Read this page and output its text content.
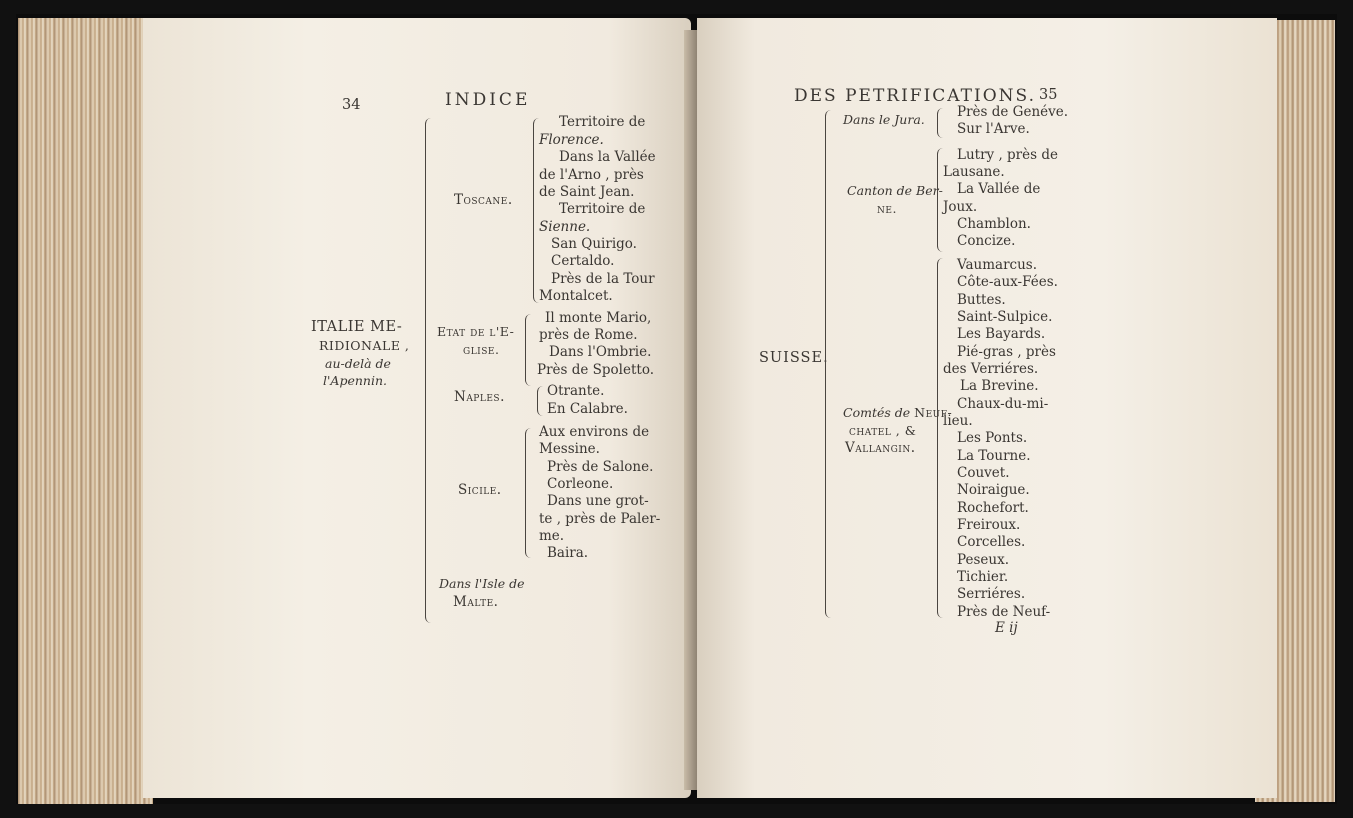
34	INDICE
ITALIE ME-
RIDIONALE ,
au-delà de
l'Apennin.
Toscane.
Territoire de
Florence.
Dans la Vallée
de l'Arno , près
de Saint Jean.
Territoire de
Sienne.
San Quirigo.
Certaldo.
Près de la Tour
Montalcet.
Etat de l'E-
glise.
Il monte Mario,
près de Rome.
Dans l'Ombrie.
Près de Spoletto.
Naples.	Otrante.
En Calabre.
Sicile.
Aux environs de
Messine.
Près de Salone.
Corleone.
Dans une grot-
te , près de Paler-
me.
Baira.
Dans l'Isle de
Malte.
DES PETRIFICATIONS. 35
SUISSE.
Dans le Jura. Près de Genéve.
Sur l'Arve.
Canton de Ber-
ne.
Lutry , près de
Lausane.
La Vallée de
Joux.
Chamblon.
Concize.
Comtés de Neuf-
chatel , &
Vallangin.
Vaumarcus.
Côte-aux-Fées.
Buttes.
Saint-Sulpice.
Les Bayards.
Pié-gras , près
des Verriéres.
La Brevine.
Chaux-du-mi-
lieu.
Les Ponts.
La Tourne.
Couvet.
Noiraigue.
Rochefort.
Freiroux.
Corcelles.
Peseux.
Tichier.
Serriéres.
Près de Neuf-
E ij
